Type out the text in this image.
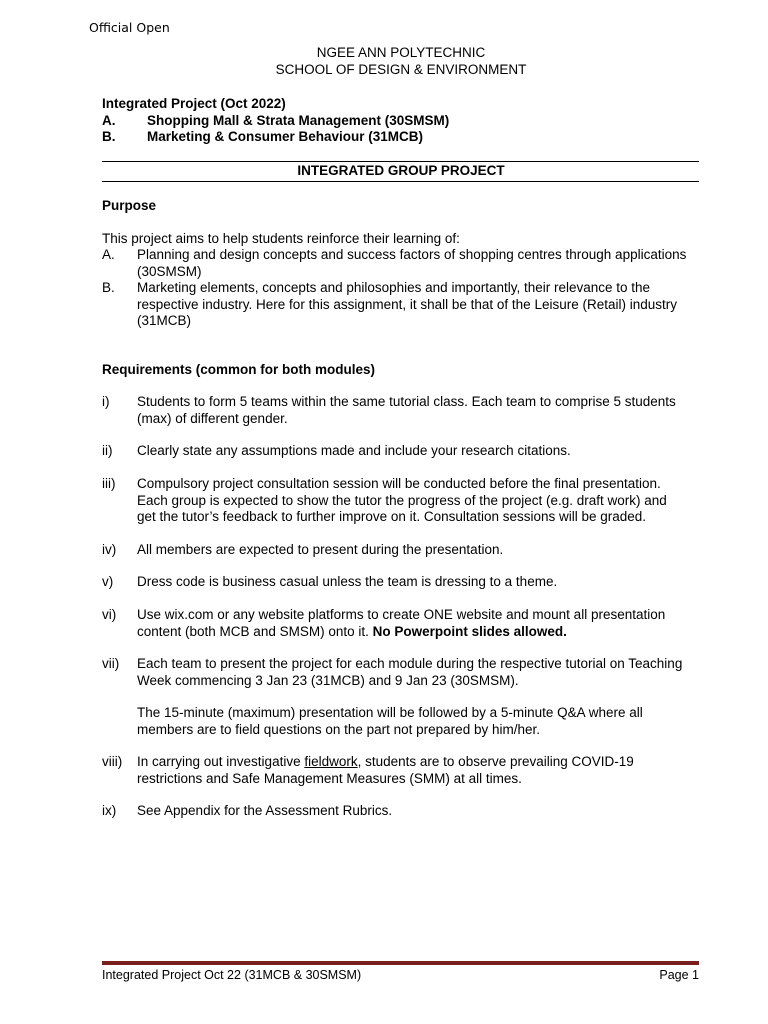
Official Open
NGEE ANN POLYTECHNIC
SCHOOL OF DESIGN & ENVIRONMENT
Integrated Project (Oct 2022)
A. Shopping Mall & Strata Management (30SMSM)
B. Marketing & Consumer Behaviour (31MCB)
INTEGRATED GROUP PROJECT
Purpose
This project aims to help students reinforce their learning of:
A. Planning and design concepts and success factors of shopping centres through applications
(30SMSM)
B. Marketing elements, concepts and philosophies and importantly, their relevance to the
respective industry. Here for this assignment, it shall be that of the Leisure (Retail) industry
(31MCB)
Requirements (common for both modules)
i) Students to form 5 teams within the same tutorial class. Each team to comprise 5 students
(max) of different gender.
ii) Clearly state any assumptions made and include your research citations.
iii) Compulsory project consultation session will be conducted before the final presentation.
Each group is expected to show the tutor the progress of the project (e.g. draft work) and
get the tutor’s feedback to further improve on it. Consultation sessions will be graded.
iv) All members are expected to present during the presentation.
v) Dress code is business casual unless the team is dressing to a theme.
vi) Use wix.com or any website platforms to create ONE website and mount all presentation
content (both MCB and SMSM) onto it. No Powerpoint slides allowed.
vii) Each team to present the project for each module during the respective tutorial on Teaching
Week commencing 3 Jan 23 (31MCB) and 9 Jan 23 (30SMSM).
The 15-minute (maximum) presentation will be followed by a 5-minute Q&A where all
members are to field questions on the part not prepared by him/her.
viii) In carrying out investigative fieldwork, students are to observe prevailing COVID-19
restrictions and Safe Management Measures (SMM) at all times.
ix) See Appendix for the Assessment Rubrics.
Integrated Project Oct 22 (31MCB & 30SMSM)	Page 1
